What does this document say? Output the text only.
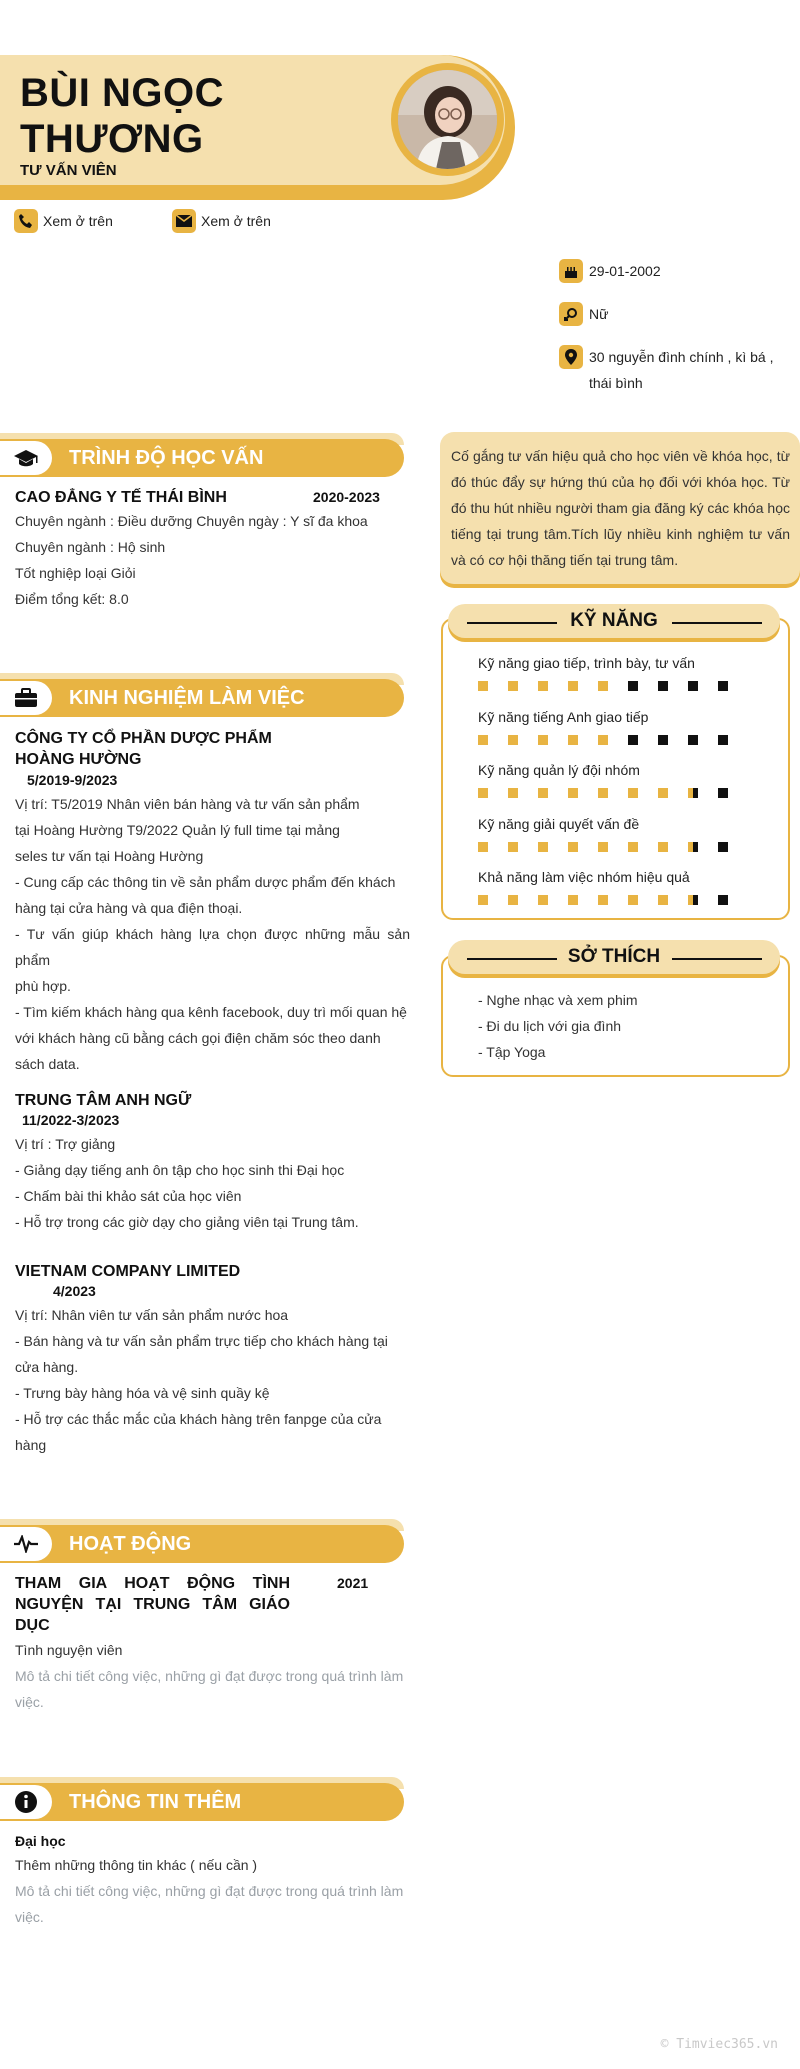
BÙI NGỌC
THƯƠNG
TƯ VẤN VIÊN
Xem ở trên	Xem ở trên
29-01-2002
Nữ
30 nguyễn đình chính , kì bá ,
thái bình
TRÌNH ĐỘ HỌC VẤN
CAO ĐẲNG Y TẾ THÁI BÌNH	2020-2023
Chuyên ngành : Điều dưỡng Chuyên ngày : Y sĩ đa khoa
Chuyên ngành : Hộ sinh
Tốt nghiệp loại Giỏi
Điểm tổng kết: 8.0
KINH NGHIỆM LÀM VIỆC
CÔNG TY CỔ PHẦN DƯỢC PHẨM
HOÀNG HƯỜNG
5/2019-9/2023
Vị trí: T5/2019 Nhân viên bán hàng và tư vấn sản phẩm
tại Hoàng Hường T9/2022 Quản lý full time tại mảng
seles tư vấn tại Hoàng Hường
- Cung cấp các thông tin về sản phẩm dược phẩm đến khách
hàng tại cửa hàng và qua điện thoại.
- Tư vấn giúp khách hàng lựa chọn được những mẫu sản phẩm
phù hợp.
- Tìm kiếm khách hàng qua kênh facebook, duy trì mối quan hệ
với khách hàng cũ bằng cách gọi điện chăm sóc theo danh
sách data.
TRUNG TÂM ANH NGỮ
11/2022-3/2023
Vị trí : Trợ giảng
- Giảng dạy tiếng anh ôn tập cho học sinh thi Đại học
- Chấm bài thi khảo sát của học viên
- Hỗ trợ trong các giờ dạy cho giảng viên tại Trung tâm.
VIETNAM COMPANY LIMITED
4/2023
Vị trí: Nhân viên tư vấn sản phẩm nước hoa
- Bán hàng và tư vấn sản phẩm trực tiếp cho khách hàng tại
cửa hàng.
- Trưng bày hàng hóa và vệ sinh quầy kệ
- Hỗ trợ các thắc mắc của khách hàng trên fanpge của cửa
hàng
HOẠT ĐỘNG
THAM GIA HOẠT ĐỘNG TÌNH
NGUYỆN TẠI TRUNG TÂM GIÁO
DỤC
2021
Tình nguyện viên
Mô tả chi tiết công việc, những gì đạt được trong quá trình làm
việc.
THÔNG TIN THÊM
Đại học
Thêm những thông tin khác ( nếu cần )
Mô tả chi tiết công việc, những gì đạt được trong quá trình làm
việc.
Cố gắng tư vấn hiệu quả cho học viên về khóa học, từ
đó thúc đẩy sự hứng thú của họ đối với khóa học. Từ
đó thu hút nhiều người tham gia đăng ký các khóa học
tiếng tại trung tâm.Tích lũy nhiều kinh nghiệm tư vấn
và có cơ hội thăng tiến tại trung tâm.
KỸ NĂNG
Kỹ năng giao tiếp, trình bày, tư vấn
Kỹ năng tiếng Anh giao tiếp
Kỹ năng quản lý đội nhóm
Kỹ năng giải quyết vấn đề
Khả năng làm việc nhóm hiệu quả
SỞ THÍCH
- Nghe nhạc và xem phim
- Đi du lịch với gia đình
- Tập Yoga
© Timviec365.vn
